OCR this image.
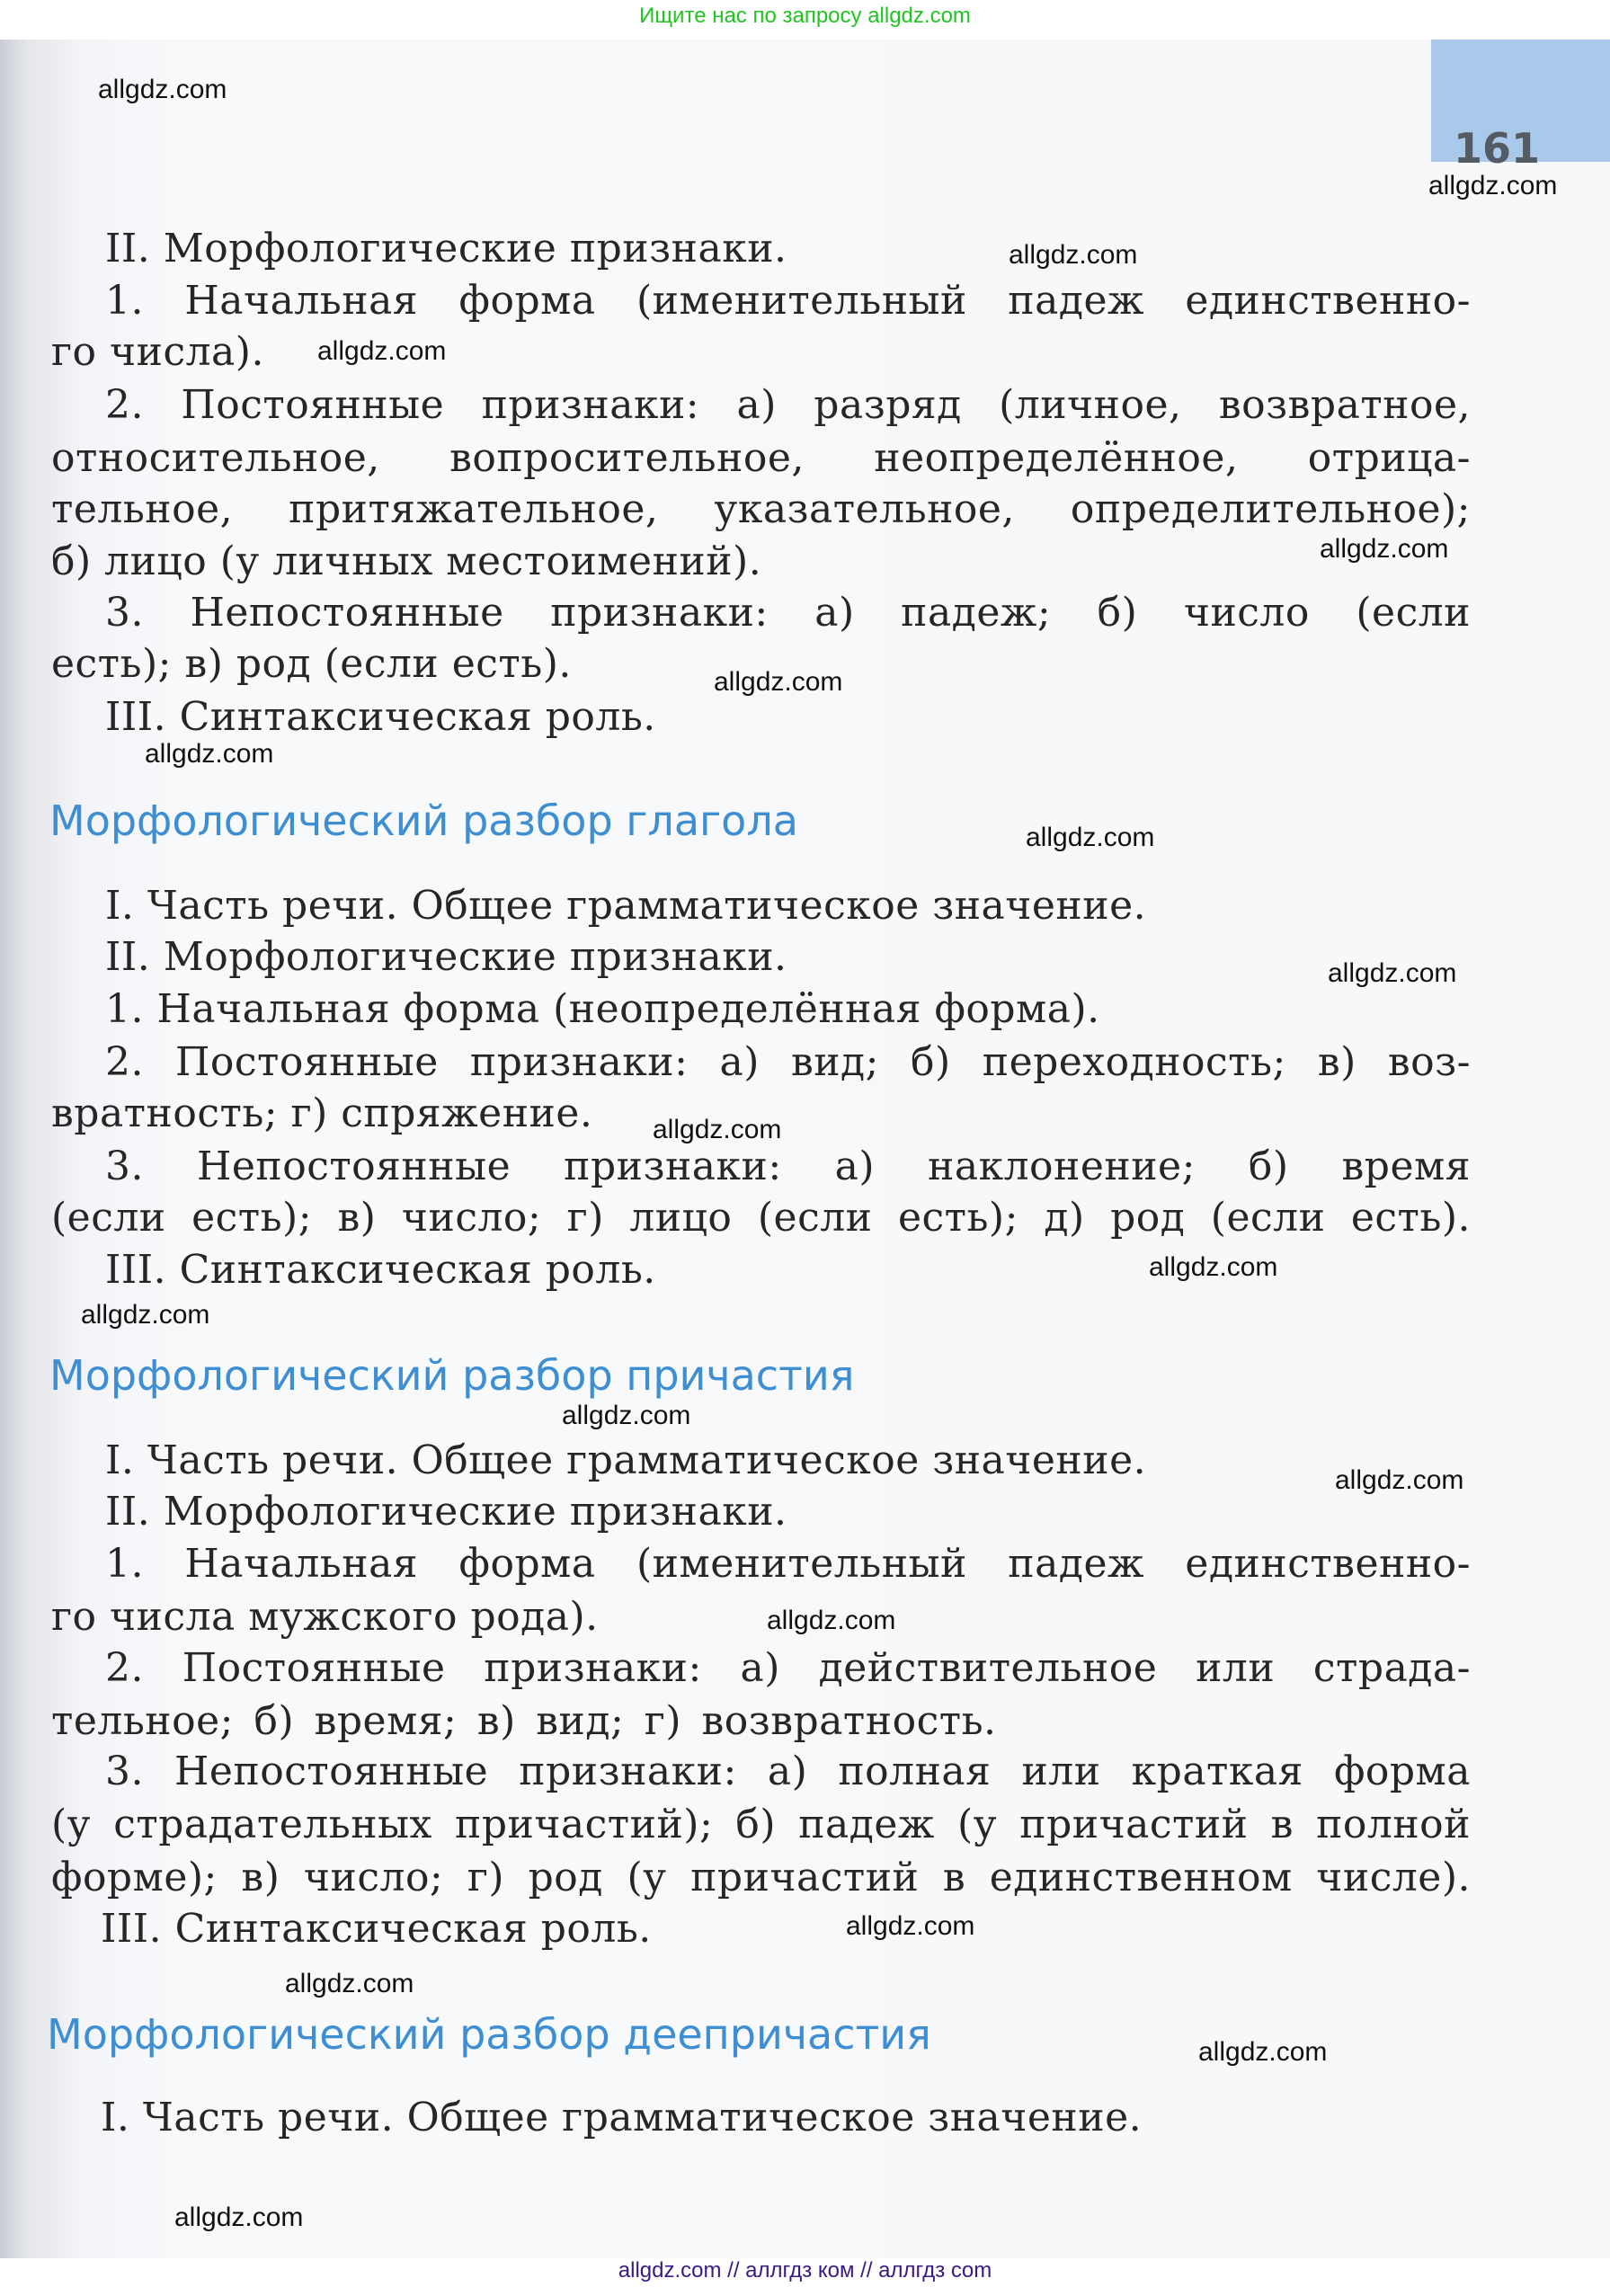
Ищите нас по запросу allgdz.com
161
II. Морфологические признаки.
1. Начальная форма (именительный падеж единственно-
го числа).
2. Постоянные признаки: а) разряд (личное, возвратное,
относительное, вопросительное, неопределённое, отрица-
тельное, притяжательное, указательное, определительное);
б) лицо (у личных местоимений).
3. Непостоянные признаки: а) падеж; б) число (если
есть); в) род (если есть).
III. Синтаксическая роль.
Морфологический разбор глагола
I. Часть речи. Общее грамматическое значение.
II. Морфологические признаки.
1. Начальная форма (неопределённая форма).
2. Постоянные признаки: а) вид; б) переходность; в) воз-
вратность; г) спряжение.
3. Непостоянные признаки: а) наклонение; б) время
(если есть); в) число; г) лицо (если есть); д) род (если есть).
III. Синтаксическая роль.
Морфологический разбор причастия
I. Часть речи. Общее грамматическое значение.
II. Морфологические признаки.
1. Начальная форма (именительный падеж единственно-
го числа мужского рода).
2. Постоянные признаки: а) действительное или страда-
тельное; б) время; в) вид; г) возвратность.
3. Непостоянные признаки: а) полная или краткая форма
(у страдательных причастий); б) падеж (у причастий в полной
форме); в) число; г) род (у причастий в единственном числе).
III. Синтаксическая роль.
Морфологический разбор деепричастия
I. Часть речи. Общее грамматическое значение.
allgdz.com
allgdz.com
allgdz.com
allgdz.com
allgdz.com
allgdz.com
allgdz.com
allgdz.com
allgdz.com
allgdz.com
allgdz.com
allgdz.com
allgdz.com
allgdz.com
allgdz.com
allgdz.com
allgdz.com
allgdz.com
allgdz.com
allgdz.com // аллгдз ком // аллгдз com
